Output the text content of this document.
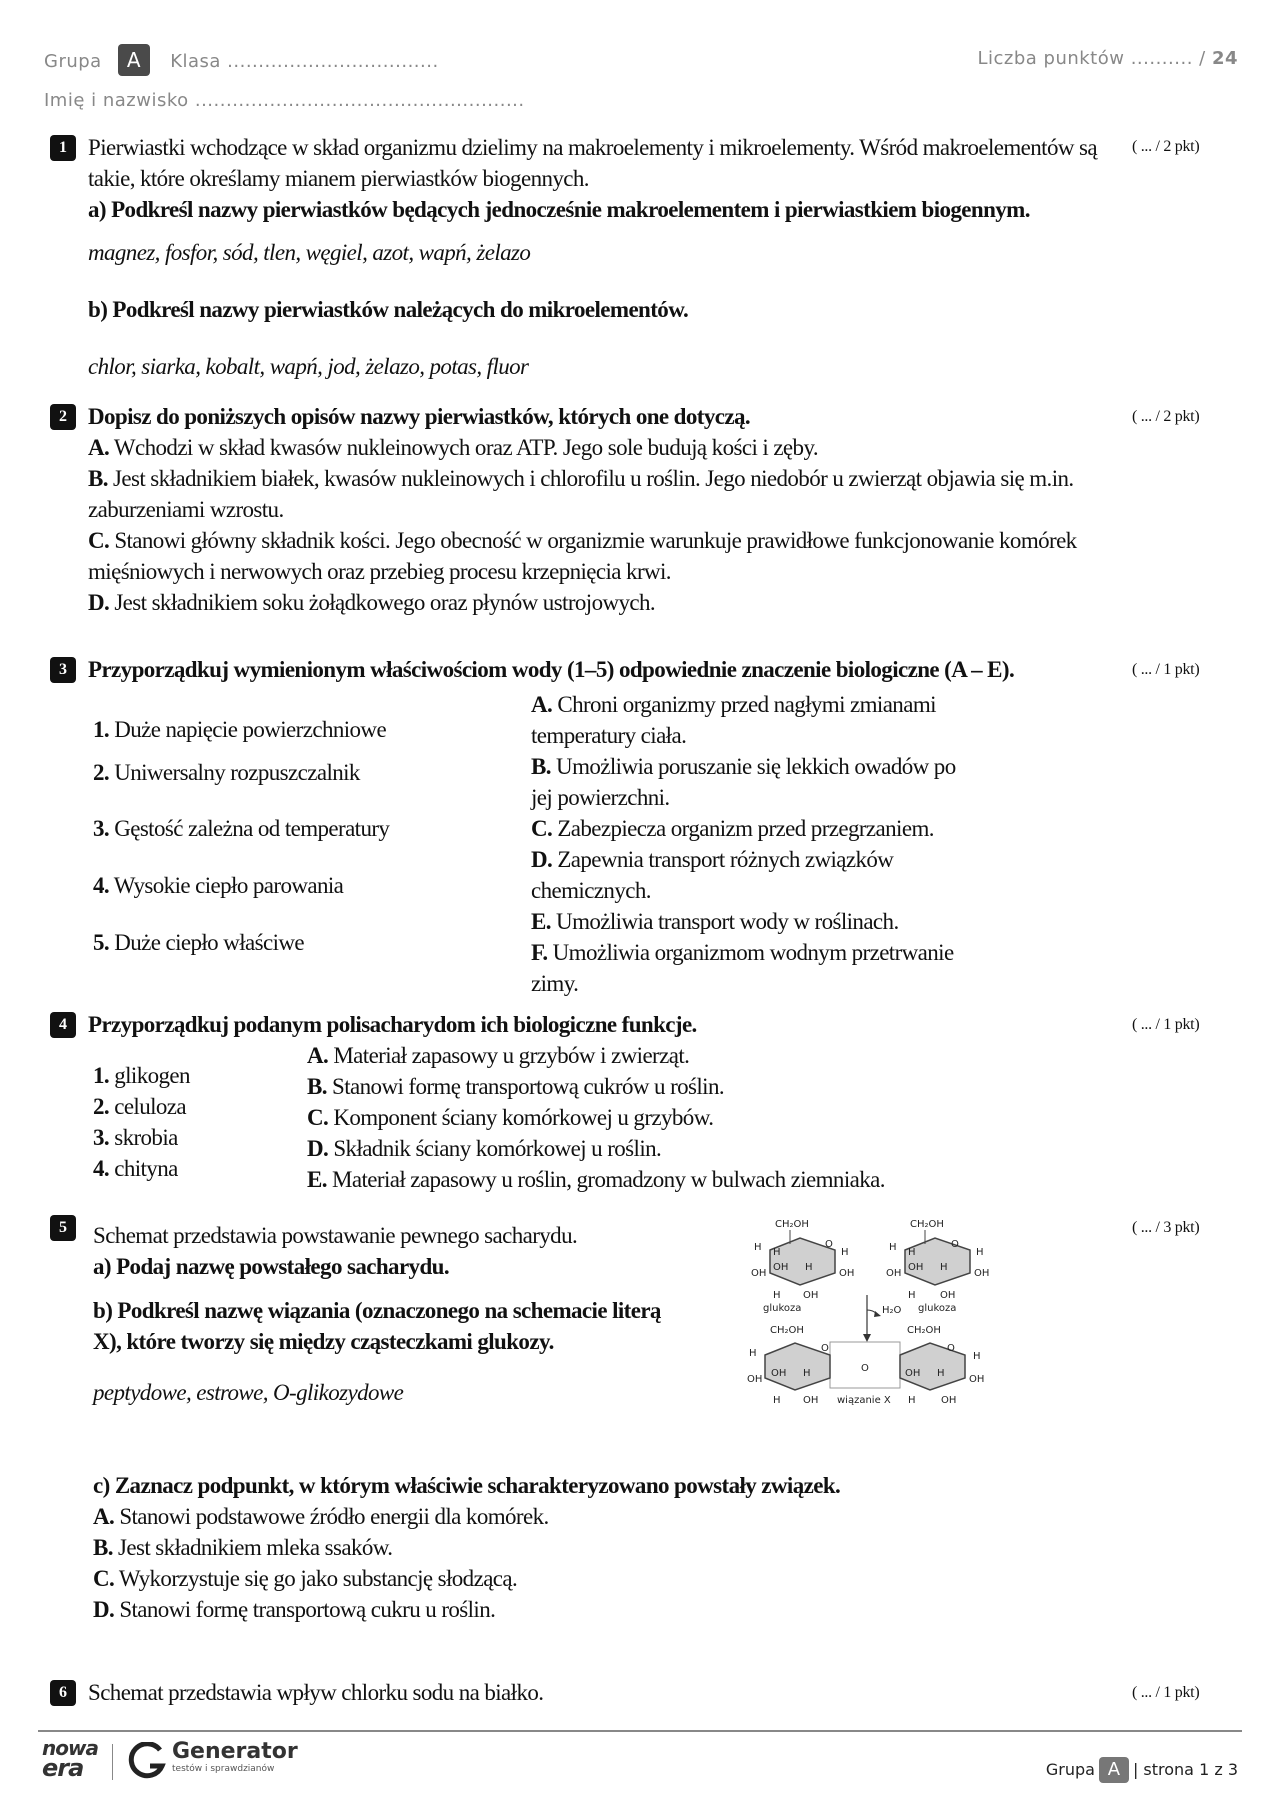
Grupa A Klasa ..................................	Liczba punktów .......... / 24
Imię i nazwisko .....................................................
1	( ... / 2 pkt)
Pierwiastki wchodzące w skład organizmu dzielimy na makroelementy i mikroelementy. Wśród makroelementów są
takie, które określamy mianem pierwiastków biogennych.
a) Podkreśl nazwy pierwiastków będących jednocześnie makroelementem i pierwiastkiem biogennym.
magnez, fosfor, sód, tlen, węgiel, azot, wapń, żelazo
b) Podkreśl nazwy pierwiastków należących do mikroelementów.
chlor, siarka, kobalt, wapń, jod, żelazo, potas, fluor
2	( ... / 2 pkt)
Dopisz do poniższych opisów nazwy pierwiastków, których one dotyczą.
A. Wchodzi w skład kwasów nukleinowych oraz ATP. Jego sole budują kości i zęby.
B. Jest składnikiem białek, kwasów nukleinowych i chlorofilu u roślin. Jego niedobór u zwierząt objawia się m.in.
zaburzeniami wzrostu.
C. Stanowi główny składnik kości. Jego obecność w organizmie warunkuje prawidłowe funkcjonowanie komórek
mięśniowych i nerwowych oraz przebieg procesu krzepnięcia krwi.
D. Jest składnikiem soku żołądkowego oraz płynów ustrojowych.
3	( ... / 1 pkt)
Przyporządkuj wymienionym właściwościom wody (1–5) odpowiednie znaczenie biologiczne (A – E).
1. Duże napięcie powierzchniowe
2. Uniwersalny rozpuszczalnik
3. Gęstość zależna od temperatury
4. Wysokie ciepło parowania
5. Duże ciepło właściwe
A. Chroni organizmy przed nagłymi zmianami
temperatury ciała.
B. Umożliwia poruszanie się lekkich owadów po
jej powierzchni.
C. Zabezpiecza organizm przed przegrzaniem.
D. Zapewnia transport różnych związków
chemicznych.
E. Umożliwia transport wody w roślinach.
F. Umożliwia organizmom wodnym przetrwanie
zimy.
4	( ... / 1 pkt)
Przyporządkuj podanym polisacharydom ich biologiczne funkcje.
1. glikogen
2. celuloza
3. skrobia
4. chityna
A. Materiał zapasowy u grzybów i zwierząt.
B. Stanowi formę transportową cukrów u roślin.
C. Komponent ściany komórkowej u grzybów.
D. Składnik ściany komórkowej u roślin.
E. Materiał zapasowy u roślin, gromadzony w bulwach ziemniaka.
5	( ... / 3 pkt)
Schemat przedstawia powstawanie pewnego sacharydu.
a) Podaj nazwę powstałego sacharydu.
b) Podkreśl nazwę wiązania (oznaczonego na schemacie literą
X), które tworzy się między cząsteczkami glukozy.
peptydowe, estrowe, O-glikozydowe
CH₂OH
H H
O
H
OH
OH H
OH
H OH
glukoza
CH₂OH
H H
O
H
OH
OH H
OH
H OH
glukoza
H₂O
CH₂OH	CH₂OH
H	O	O
H
OH
OH H	O	OH H
OH
H OH wiązanie X H	OH
c) Zaznacz podpunkt, w którym właściwie scharakteryzowano powstały związek.
A. Stanowi podstawowe źródło energii dla komórek.
B. Jest składnikiem mleka ssaków.
C. Wykorzystuje się go jako substancję słodzącą.
D. Stanowi formę transportową cukru u roślin.
6	( ... / 1 pkt)
Schemat przedstawia wpływ chlorku sodu na białko.
nowa
era
Generator
testów i sprawdzianów	Grupa A | strona 1 z 3
